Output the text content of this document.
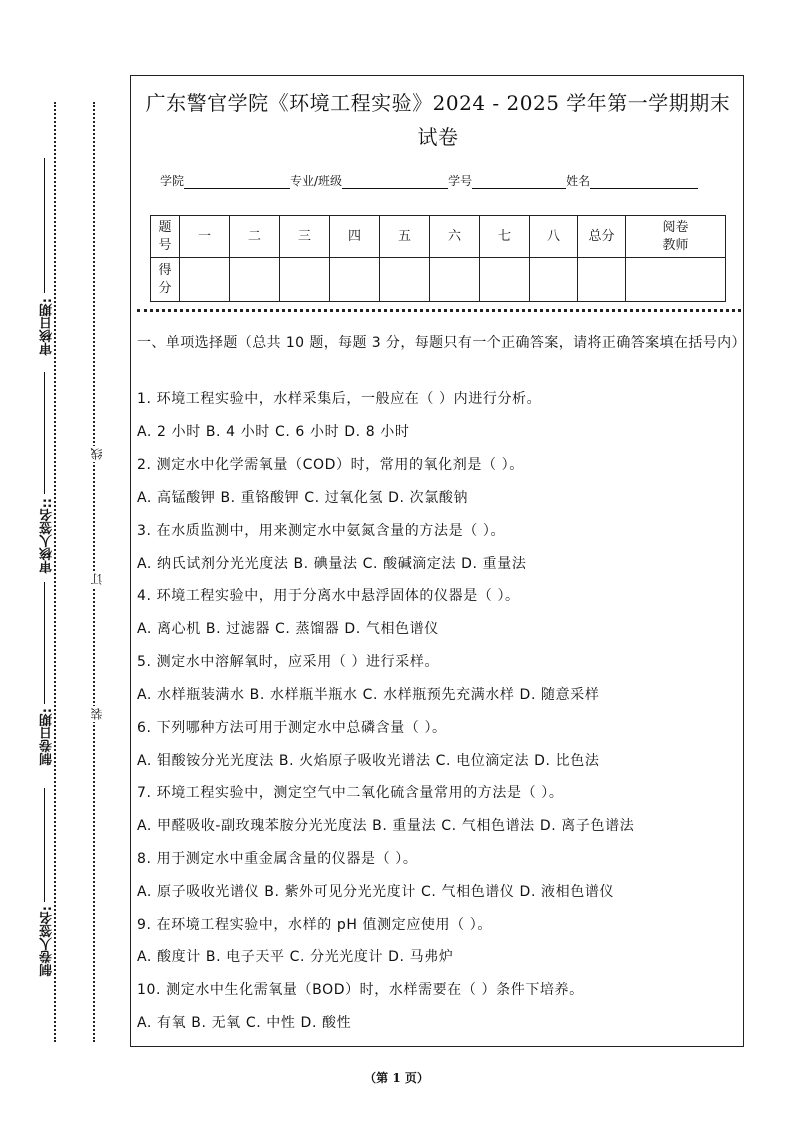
审核日期:
审核人签名::
制卷日期:
制卷人签名:
线
订
装
广东警官学院《环境工程实验》2024 - 2025 学年第一学期期末试卷
学院	专业/班级	学号	姓名
题号	一	二	三	四	五	六	七	八	总分	阅卷教师
得分										
一、单项选择题（总共 10 题，每题 3 分，每题只有一个正确答案，请将正确答案填在括号内）
1. 环境工程实验中，水样采集后，一般应在（ ）内进行分析。
A. 2 小时 B. 4 小时 C. 6 小时 D. 8 小时
2. 测定水中化学需氧量（COD）时，常用的氧化剂是（ ）。
A. 高锰酸钾 B. 重铬酸钾 C. 过氧化氢 D. 次氯酸钠
3. 在水质监测中，用来测定水中氨氮含量的方法是（ ）。
A. 纳氏试剂分光光度法 B. 碘量法 C. 酸碱滴定法 D. 重量法
4. 环境工程实验中，用于分离水中悬浮固体的仪器是（ ）。
A. 离心机 B. 过滤器 C. 蒸馏器 D. 气相色谱仪
5. 测定水中溶解氧时，应采用（ ）进行采样。
A. 水样瓶装满水 B. 水样瓶半瓶水 C. 水样瓶预先充满水样 D. 随意采样
6. 下列哪种方法可用于测定水中总磷含量（ ）。
A. 钼酸铵分光光度法 B. 火焰原子吸收光谱法 C. 电位滴定法 D. 比色法
7. 环境工程实验中，测定空气中二氧化硫含量常用的方法是（ ）。
A. 甲醛吸收-副玫瑰苯胺分光光度法 B. 重量法 C. 气相色谱法 D. 离子色谱法
8. 用于测定水中重金属含量的仪器是（ ）。
A. 原子吸收光谱仪 B. 紫外可见分光光度计 C. 气相色谱仪 D. 液相色谱仪
9. 在环境工程实验中，水样的 pH 值测定应使用（ ）。
A. 酸度计 B. 电子天平 C. 分光光度计 D. 马弗炉
10. 测定水中生化需氧量（BOD）时，水样需要在（ ）条件下培养。
A. 有氧 B. 无氧 C. 中性 D. 酸性
（第 1 页）
